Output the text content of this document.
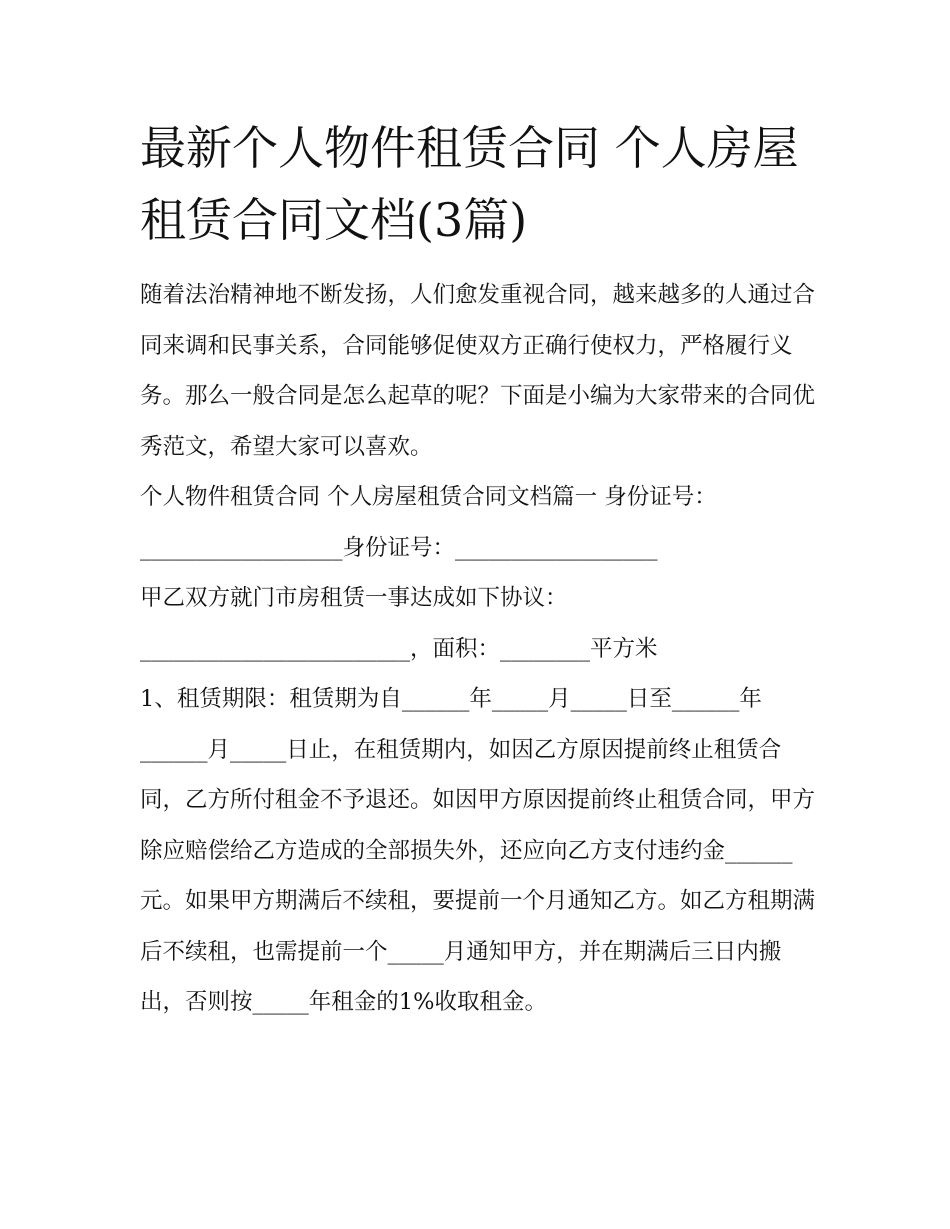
最新个人物件租赁合同 个人房屋租赁合同文档(3篇)

随着法治精神地不断发扬，人们愈发重视合同，越来越多的人通过合同来调和民事关系，合同能够促使双方正确行使权力，严格履行义务。那么一般合同是怎么起草的呢？下面是小编为大家带来的合同优秀范文，希望大家可以喜欢。

个人物件租赁合同 个人房屋租赁合同文档篇一 身份证号：

__________________身份证号：__________________

甲乙双方就门市房租赁一事达成如下协议：

________________________，面积：________平方米

1、租赁期限：租赁期为自______年_____月_____日至______年______月_____日止，在租赁期内，如因乙方原因提前终止租赁合同，乙方所付租金不予退还。如因甲方原因提前终止租赁合同，甲方除应赔偿给乙方造成的全部损失外，还应向乙方支付违约金______元。如果甲方期满后不续租，要提前一个月通知乙方。如乙方租期满后不续租，也需提前一个_____月通知甲方，并在期满后三日内搬出，否则按_____年租金的1%收取租金。
